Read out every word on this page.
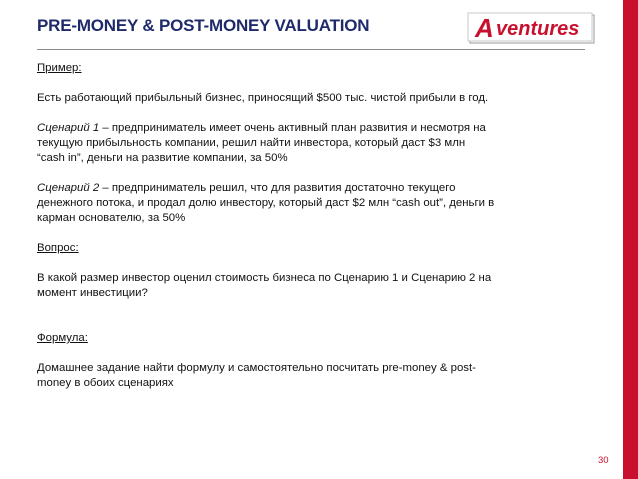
PRE-MONEY & POST-MONEY VALUATION	A ventures
Пример:
Есть работающий прибыльный бизнес, приносящий $500 тыс. чистой прибыли в год.
Сценарий 1 – предприниматель имеет очень активный план развития и несмотря на
текущую прибыльность компании, решил найти инвестора, который даст $3 млн
“cash in”, деньги на развитие компании, за 50%
Сценарий 2 – предприниматель решил, что для развития достаточно текущего
денежного потока, и продал долю инвестору, который даст $2 млн “cash out”, деньги в
карман основателю, за 50%
Вопрос:
В какой размер инвестор оценил стоимость бизнеса по Сценарию 1 и Сценарию 2 на
момент инвестиции?
Формула:
Домашнее задание найти формулу и самостоятельно посчитать pre-money & post-
money в обоих сценариях
30
